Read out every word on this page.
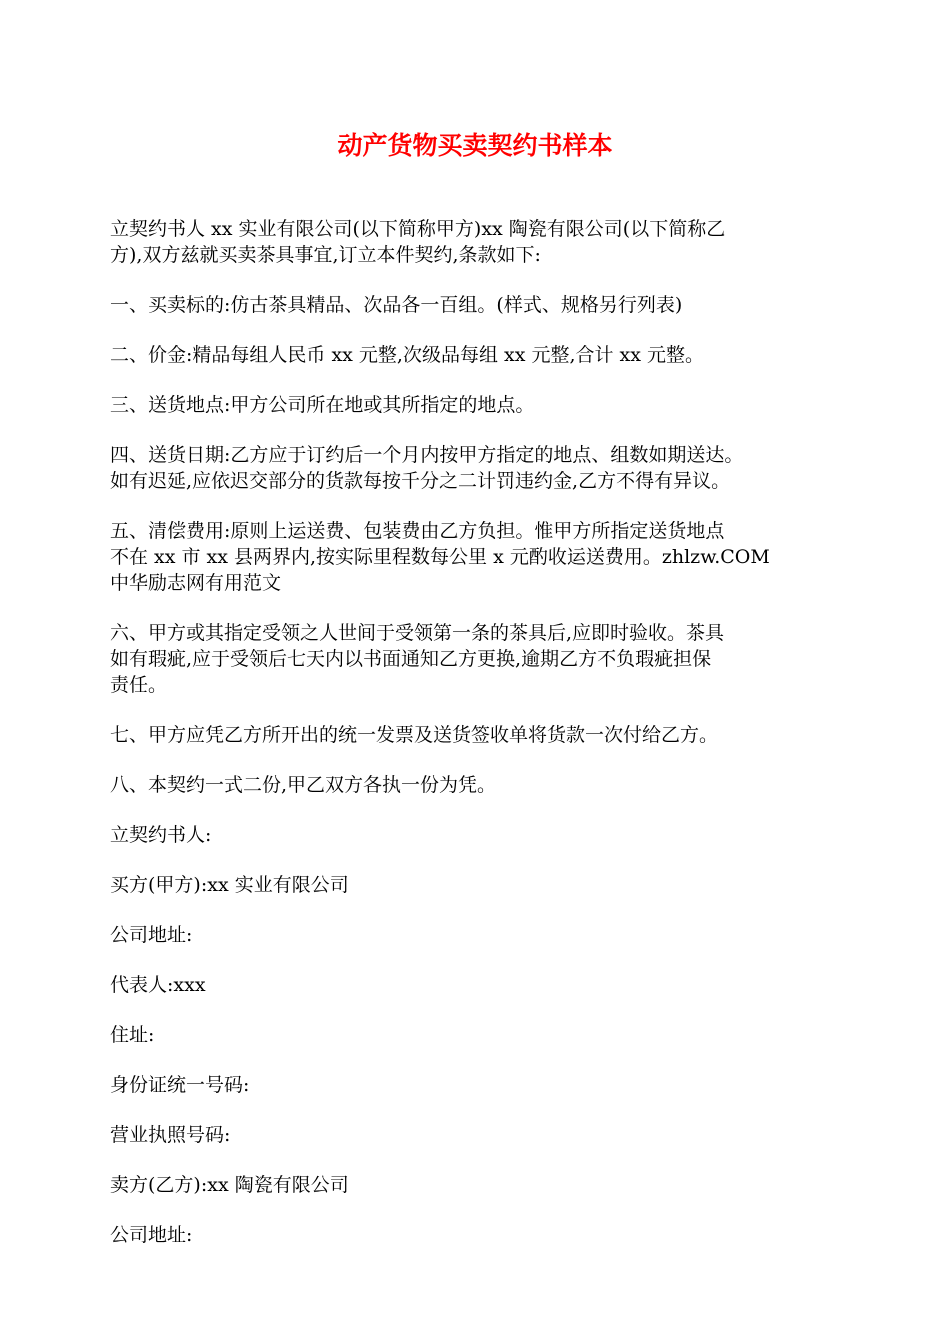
动产货物买卖契约书样本

立契约书人 xx 实业有限公司(以下简称甲方)xx 陶瓷有限公司(以下简称乙
方),双方兹就买卖茶具事宜,订立本件契约,条款如下:

一、买卖标的:仿古茶具精品、次品各一百组。(样式、规格另行列表)

二、价金:精品每组人民币 xx 元整,次级品每组 xx 元整,合计 xx 元整。

三、送货地点:甲方公司所在地或其所指定的地点。

四、送货日期:乙方应于订约后一个月内按甲方指定的地点、组数如期送达。
如有迟延,应依迟交部分的货款每按千分之二计罚违约金,乙方不得有异议。

五、清偿费用:原则上运送费、包装费由乙方负担。惟甲方所指定送货地点
不在 xx 市 xx 县两界内,按实际里程数每公里 x 元酌收运送费用。zhlzw.COM
中华励志网有用范文

六、甲方或其指定受领之人世间于受领第一条的茶具后,应即时验收。茶具
如有瑕疵,应于受领后七天内以书面通知乙方更换,逾期乙方不负瑕疵担保
责任。

七、甲方应凭乙方所开出的统一发票及送货签收单将货款一次付给乙方。

八、本契约一式二份,甲乙双方各执一份为凭。

立契约书人:

买方(甲方):xx 实业有限公司

公司地址:

代表人:xxx

住址:

身份证统一号码:

营业执照号码:

卖方(乙方):xx 陶瓷有限公司

公司地址:
